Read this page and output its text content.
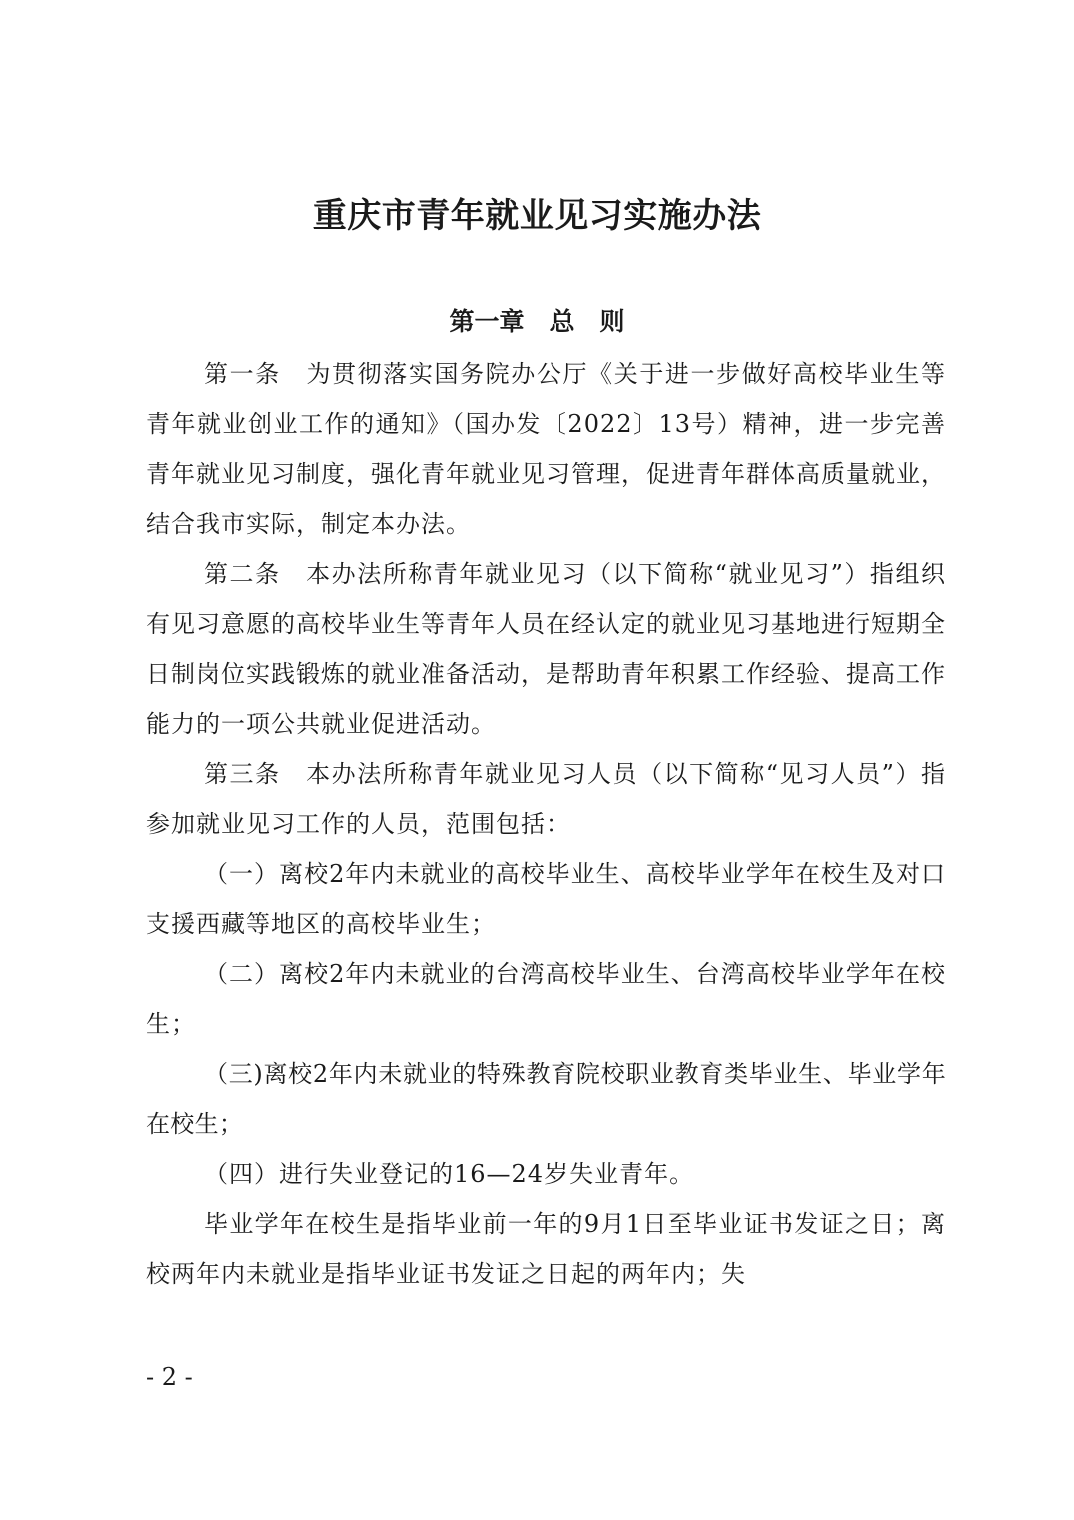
重庆市青年就业见习实施办法
第一章　总　则

第一条　为贯彻落实国务院办公厅《关于进一步做好高校毕业生等青年就业创业工作的通知》（国办发〔2022〕13号）精神，进一步完善青年就业见习制度，强化青年就业见习管理，促进青年群体高质量就业，结合我市实际，制定本办法。

第二条　本办法所称青年就业见习（以下简称“就业见习”）指组织有见习意愿的高校毕业生等青年人员在经认定的就业见习基地进行短期全日制岗位实践锻炼的就业准备活动，是帮助青年积累工作经验、提高工作能力的一项公共就业促进活动。

第三条　本办法所称青年就业见习人员（以下简称“见习人员”）指参加就业见习工作的人员，范围包括：

（一）离校2年内未就业的高校毕业生、高校毕业学年在校生及对口支援西藏等地区的高校毕业生；

（二）离校2年内未就业的台湾高校毕业生、台湾高校毕业学年在校生；

（三)离校2年内未就业的特殊教育院校职业教育类毕业生、毕业学年在校生；

（四）进行失业登记的16—24岁失业青年。

毕业学年在校生是指毕业前一年的9月1日至毕业证书发证之日；离校两年内未就业是指毕业证书发证之日起的两年内；失

- 2 -
